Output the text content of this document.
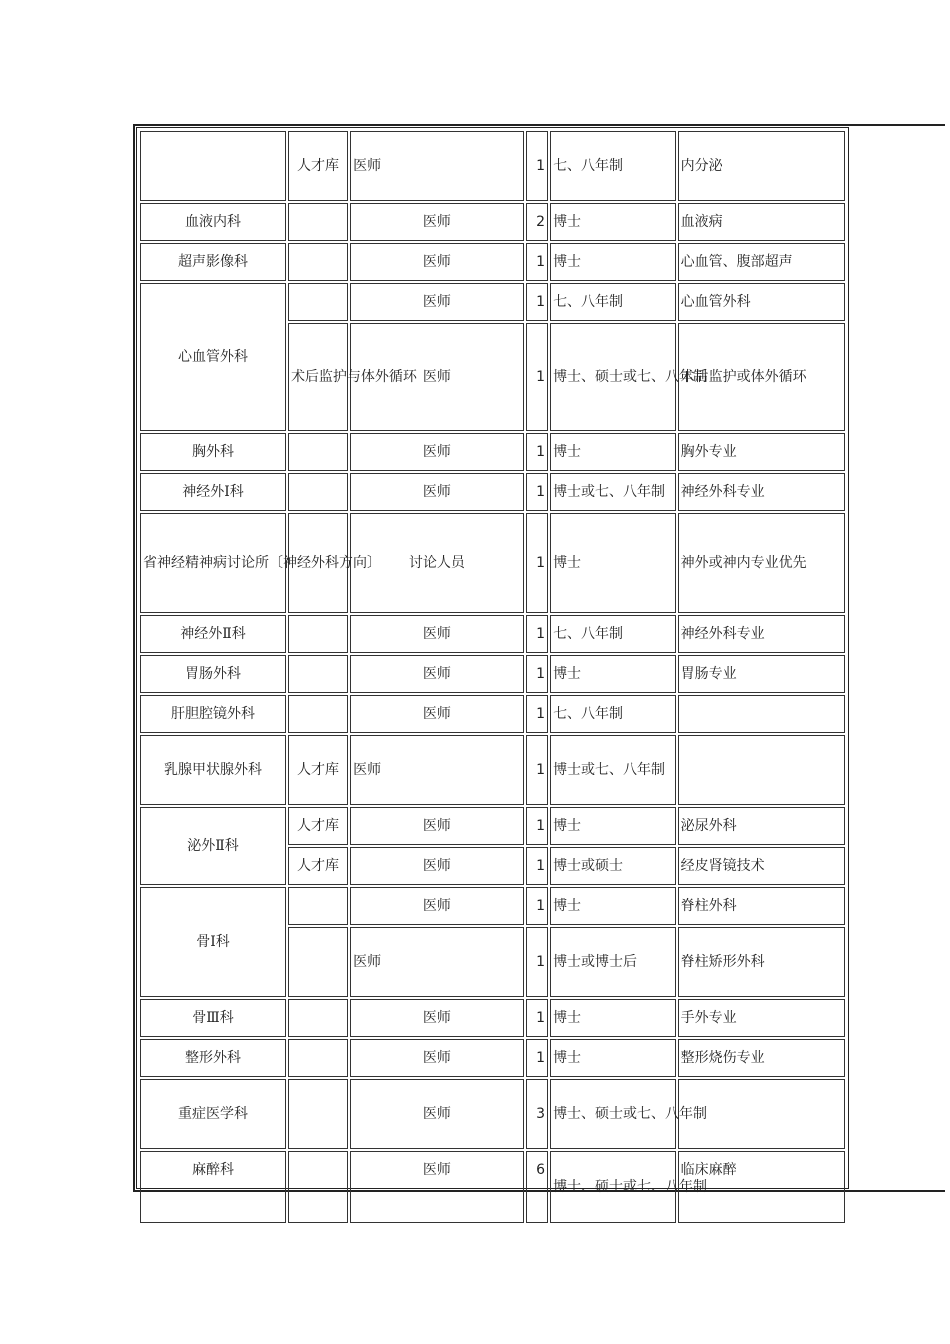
	人才库	医师	1	七、八年制	内分泌
血液内科		医师	2	博士	血液病
超声影像科		医师	1	博士	心血管、腹部超声
心血管外科		医师	1	七、八年制	心血管外科
	术后监护与体外循环	医师	1	博士、硕士或七、八年制	术后监护或体外循环
胸外科		医师	1	博士	胸外专业
神经外Ⅰ科		医师	1	博士或七、八年制	神经外科专业
省神经精神病讨论所〔神经外科方向〕		讨论人员	1	博士	神外或神内专业优先
神经外Ⅱ科		医师	1	七、八年制	神经外科专业
胃肠外科		医师	1	博士	胃肠专业
肝胆腔镜外科		医师	1	七、八年制	
乳腺甲状腺外科	人才库	医师	1	博士或七、八年制	
泌外Ⅱ科	人才库	医师	1	博士	泌尿外科
	人才库	医师	1	博士或硕士	经皮肾镜技术
骨Ⅰ科		医师	1	博士	脊柱外科
		医师	1	博士或博士后	脊柱矫形外科
骨Ⅲ科		医师	1	博士	手外专业
整形外科		医师	1	博士	整形烧伤专业
重症医学科		医师	3	博士、硕士或七、八年制	
麻醉科		医师	6	博士、硕士或七、八年制	临床麻醉
